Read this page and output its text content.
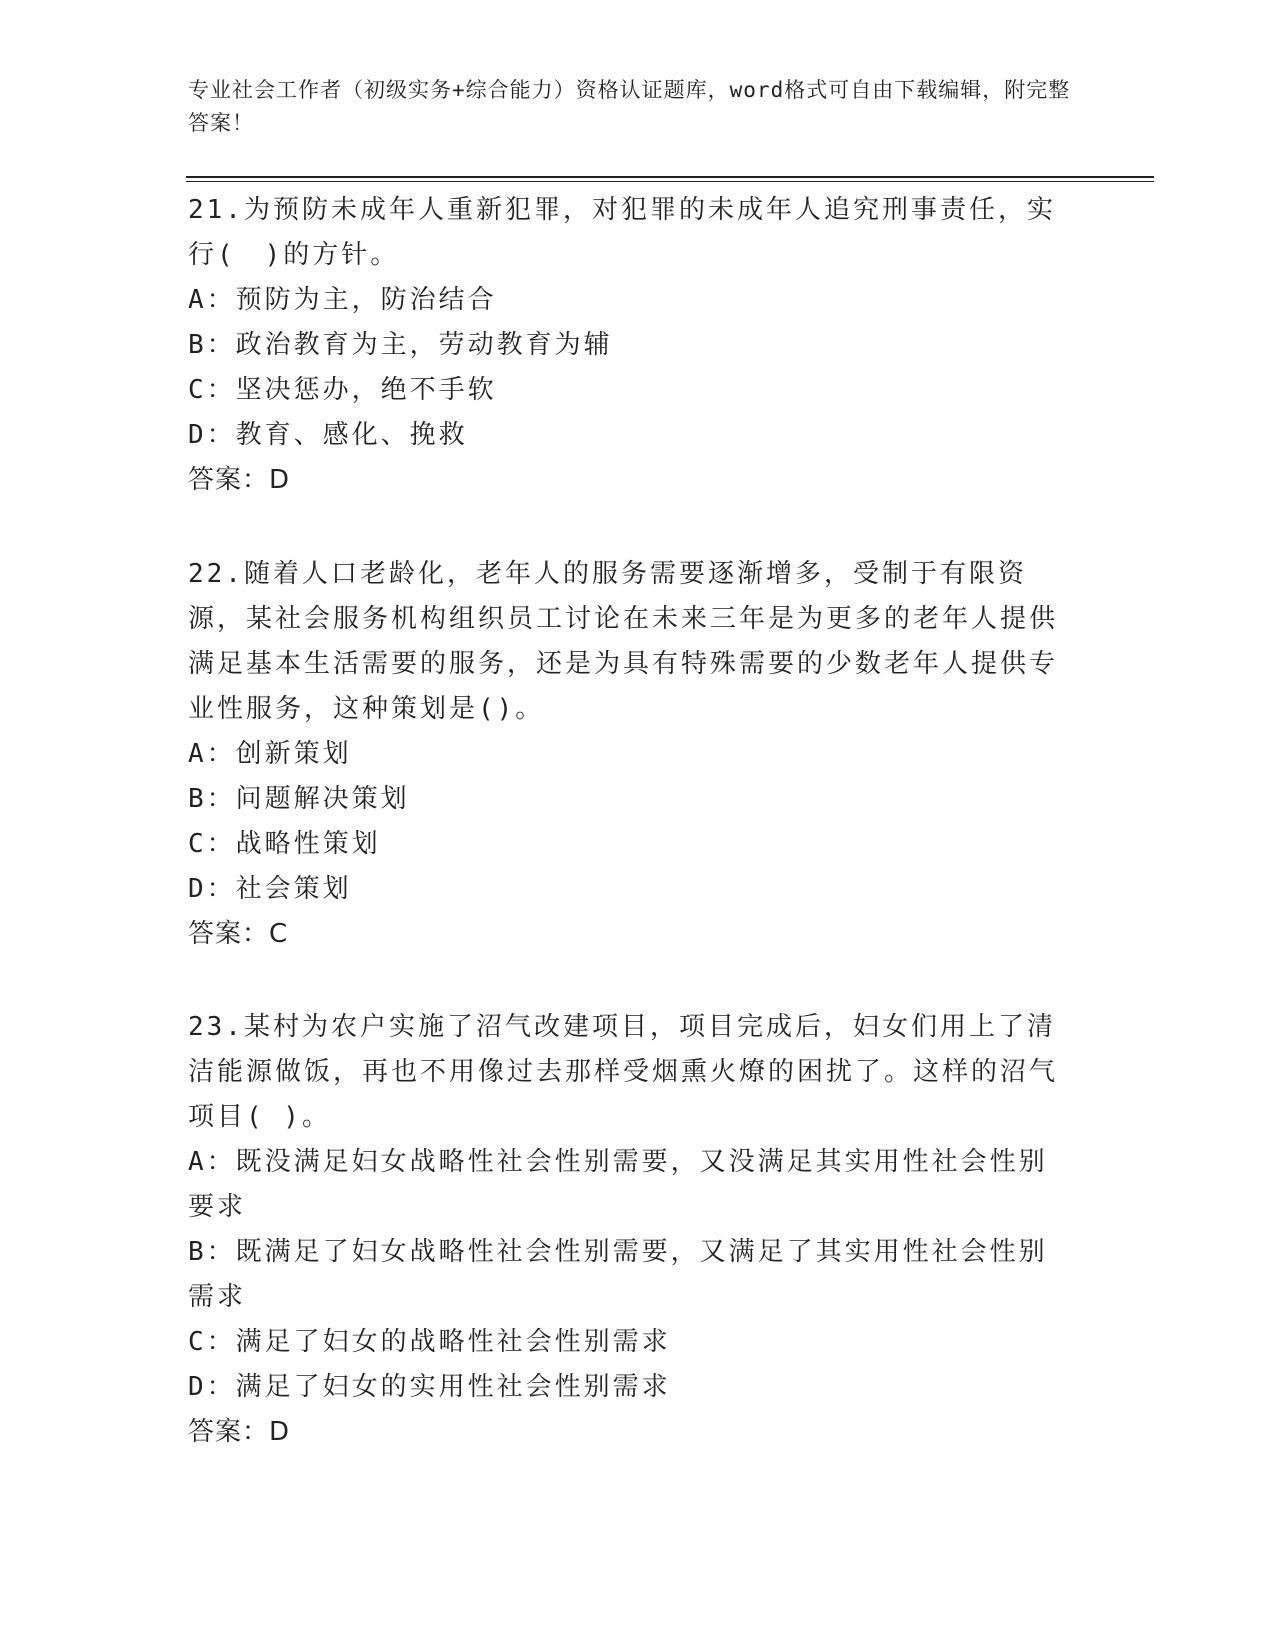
专业社会工作者（初级实务+综合能力）资格认证题库，word格式可自由下载编辑，附完整答案！
21.为预防未成年人重新犯罪，对犯罪的未成年人追究刑事责任，实行(　)的方针。
A：预防为主，防治结合
B：政治教育为主，劳动教育为辅
C：坚决惩办，绝不手软
D：教育、感化、挽救
答案：D
22.随着人口老龄化，老年人的服务需要逐渐增多，受制于有限资源，某社会服务机构组织员工讨论在未来三年是为更多的老年人提供满足基本生活需要的服务，还是为具有特殊需要的少数老年人提供专业性服务，这种策划是()。
A：创新策划
B：问题解决策划
C：战略性策划
D：社会策划
答案：C
23.某村为农户实施了沼气改建项目，项目完成后，妇女们用上了清洁能源做饭，再也不用像过去那样受烟熏火燎的困扰了。这样的沼气项目( )。
A：既没满足妇女战略性社会性别需要，又没满足其实用性社会性别要求
B：既满足了妇女战略性社会性别需要，又满足了其实用性社会性别需求
C：满足了妇女的战略性社会性别需求
D：满足了妇女的实用性社会性别需求
答案：D
